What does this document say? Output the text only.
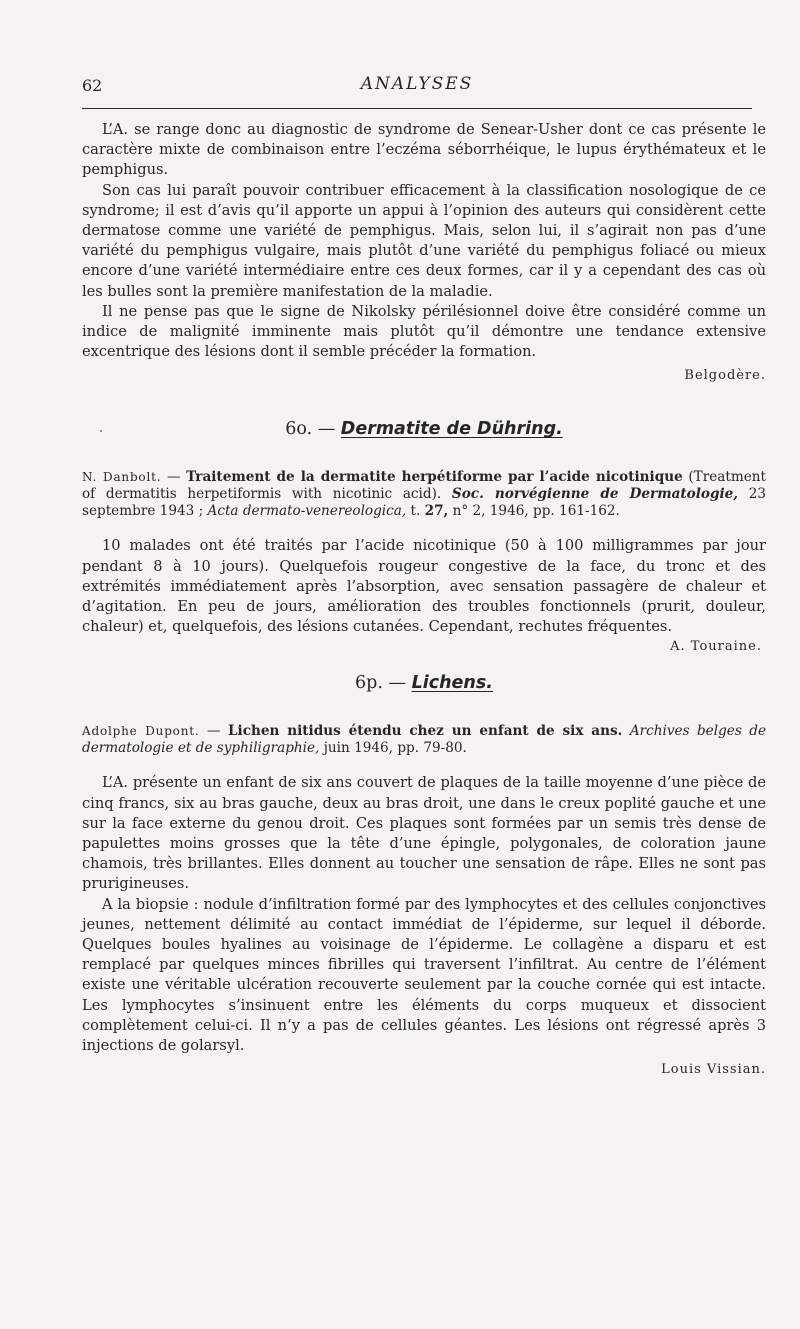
62	ANALYSES

L’A. se range donc au diagnostic de syndrome de Senear-Usher dont ce cas présente le caractère mixte de combinaison entre l’eczéma séborrhéique, le lupus érythémateux et le pemphigus.

Son cas lui paraît pouvoir contribuer efficacement à la classification nosologique de ce syndrome; il est d’avis qu’il apporte un appui à l’opinion des auteurs qui considèrent cette dermatose comme une variété de pemphigus. Mais, selon lui, il s’agirait non pas d’une variété du pemphigus vulgaire, mais plutôt d’une variété du pemphigus foliacé ou mieux encore d’une variété intermédiaire entre ces deux formes, car il y a cependant des cas où les bulles sont la première manifestation de la maladie.

Il ne pense pas que le signe de Nikolsky périlésionnel doive être considéré comme un indice de malignité imminente mais plutôt qu’il démontre une tendance extensive excentrique des lésions dont il semble précéder la formation.

Belgodère.
6o. — Dermatite de Dühring.
N. Danbolt. — Traitement de la dermatite herpétiforme par l’acide nicotinique (Treatment of dermatitis herpetiformis with nicotinic acid). Soc. norvégienne de Dermatologie, 23 septembre 1943 ; Acta dermato-venereologica, t. 27, n° 2, 1946, pp. 161-162.

10 malades ont été traités par l’acide nicotinique (50 à 100 milligrammes par jour pendant 8 à 10 jours). Quelquefois rougeur congestive de la face, du tronc et des extrémités immédiatement après l’absorption, avec sensation passagère de chaleur et d’agitation. En peu de jours, amélioration des troubles fonctionnels (prurit, douleur, chaleur) et, quelquefois, des lésions cutanées. Cependant, rechutes fréquentes.
A. Touraine.

6p. — Lichens.
Adolphe Dupont. — Lichen nitidus étendu chez un enfant de six ans. Archives belges de dermatologie et de syphiligraphie, juin 1946, pp. 79-80.

L’A. présente un enfant de six ans couvert de plaques de la taille moyenne d’une pièce de cinq francs, six au bras gauche, deux au bras droit, une dans le creux poplité gauche et une sur la face externe du genou droit. Ces plaques sont formées par un semis très dense de papulettes moins grosses que la tête d’une épingle, polygonales, de coloration jaune chamois, très brillantes. Elles donnent au toucher une sensation de râpe. Elles ne sont pas prurigineuses.

A la biopsie : nodule d’infiltration formé par des lymphocytes et des cellules conjonctives jeunes, nettement délimité au contact immédiat de l’épiderme, sur lequel il déborde. Quelques boules hyalines au voisinage de l’épiderme. Le collagène a disparu et est remplacé par quelques minces fibrilles qui traversent l’infiltrat. Au centre de l’élément existe une véritable ulcération recouverte seulement par la couche cornée qui est intacte. Les lymphocytes s’insinuent entre les éléments du corps muqueux et dissocient complètement celui-ci. Il n’y a pas de cellules géantes. Les lésions ont régressé après 3 injections de golarsyl.

Louis Vissian.
